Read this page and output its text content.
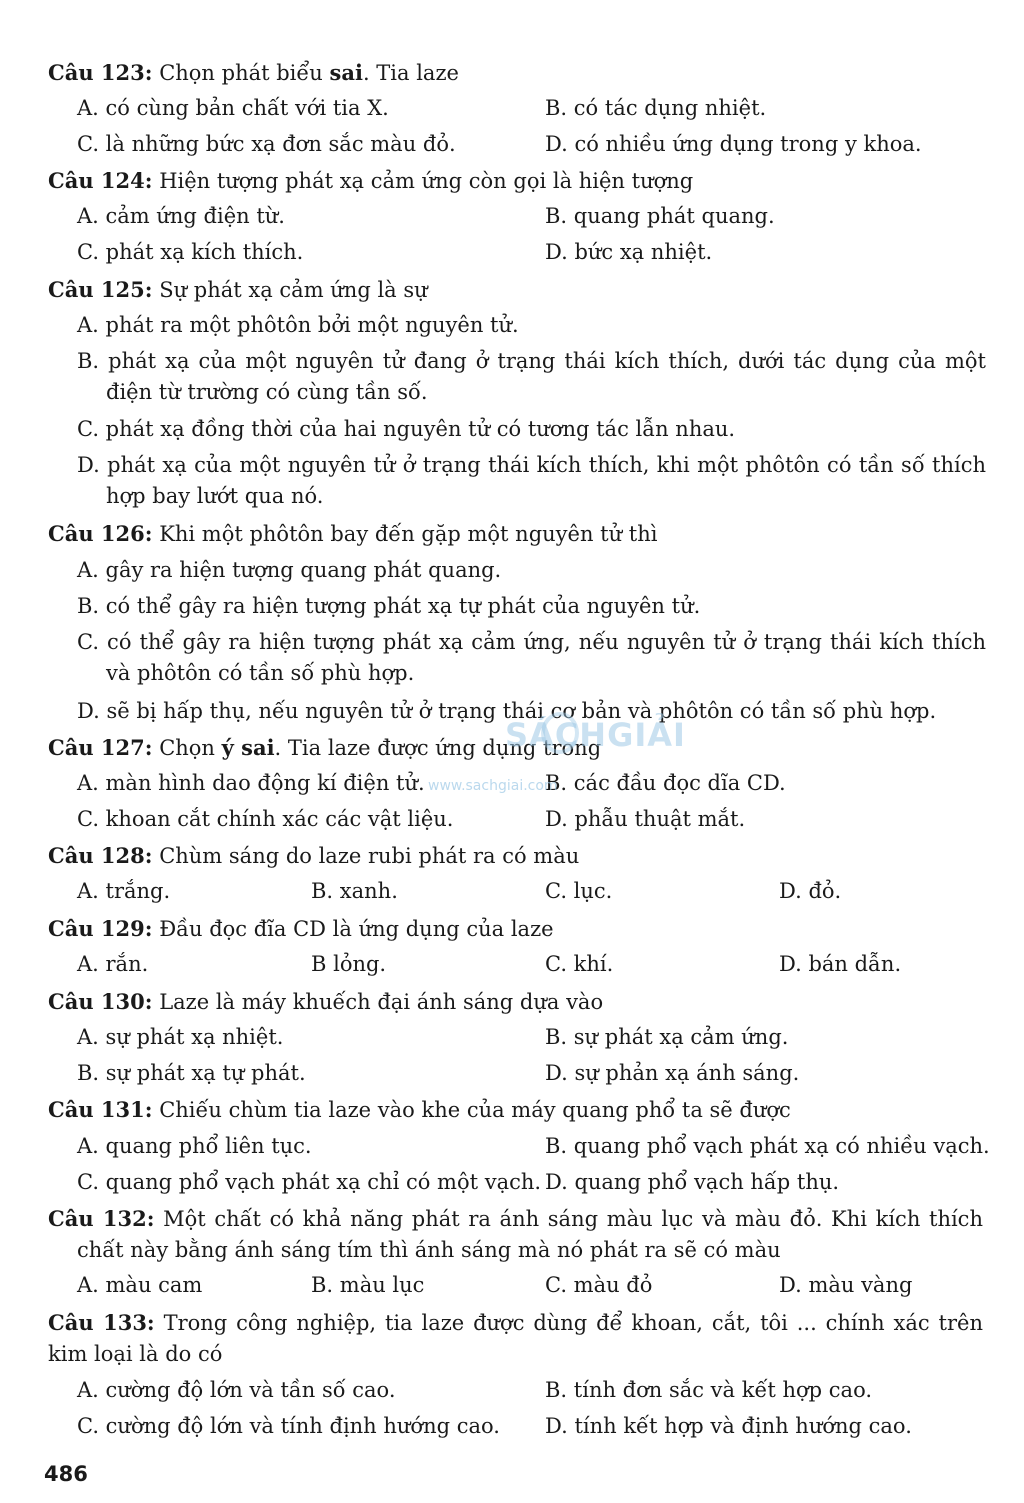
Câu 123: Chọn phát biểu sai. Tia laze
A. có cùng bản chất với tia X.	B. có tác dụng nhiệt.
C. là những bức xạ đơn sắc màu đỏ.	D. có nhiều ứng dụng trong y khoa.
Câu 124: Hiện tượng phát xạ cảm ứng còn gọi là hiện tượng
A. cảm ứng điện từ.	B. quang phát quang.
C. phát xạ kích thích.	D. bức xạ nhiệt.
Câu 125: Sự phát xạ cảm ứng là sự
A. phát ra một phôtôn bởi một nguyên tử.
B. phát xạ của một nguyên tử đang ở trạng thái kích thích, dưới tác dụng của một điện từ trường có cùng tần số.
C. phát xạ đồng thời của hai nguyên tử có tương tác lẫn nhau.
D. phát xạ của một nguyên tử ở trạng thái kích thích, khi một phôtôn có tần số thích hợp bay lướt qua nó.
Câu 126: Khi một phôtôn bay đến gặp một nguyên tử thì
A. gây ra hiện tượng quang phát quang.
B. có thể gây ra hiện tượng phát xạ tự phát của nguyên tử.
C. có thể gây ra hiện tượng phát xạ cảm ứng, nếu nguyên tử ở trạng thái kích thích và phôtôn có tần số phù hợp.
D. sẽ bị hấp thụ, nếu nguyên tử ở trạng thái cơ bản và phôtôn có tần số phù hợp.
Câu 127: Chọn ý sai. Tia laze được ứng dụng trong
A. màn hình dao động kí điện tử.	B. các đầu đọc dĩa CD.
C. khoan cắt chính xác các vật liệu.	D. phẫu thuật mắt.
Câu 128: Chùm sáng do laze rubi phát ra có màu
A. trắng.	B. xanh.	C. lục.	D. đỏ.
Câu 129: Đầu đọc đĩa CD là ứng dụng của laze
A. rắn.	B lỏng.	C. khí.	D. bán dẫn.
Câu 130: Laze là máy khuếch đại ánh sáng dựa vào
A. sự phát xạ nhiệt.	B. sự phát xạ cảm ứng.
B. sự phát xạ tự phát.	D. sự phản xạ ánh sáng.
Câu 131: Chiếu chùm tia laze vào khe của máy quang phổ ta sẽ được
A. quang phổ liên tục.	B. quang phổ vạch phát xạ có nhiều vạch.
C. quang phổ vạch phát xạ chỉ có một vạch. D. quang phổ vạch hấp thụ.
Câu 132: Một chất có khả năng phát ra ánh sáng màu lục và màu đỏ. Khi kích thích chất này bằng ánh sáng tím thì ánh sáng mà nó phát ra sẽ có màu
A. màu cam	B. màu lục	C. màu đỏ	D. màu vàng
Câu 133: Trong công nghiệp, tia laze được dùng để khoan, cắt, tôi ... chính xác trên kim loại là do có
A. cường độ lớn và tần số cao.	B. tính đơn sắc và kết hợp cao.
C. cường độ lớn và tính định hướng cao. D. tính kết hợp và định hướng cao.
SÁCHGIẢI
www.sachgiai.com
486
